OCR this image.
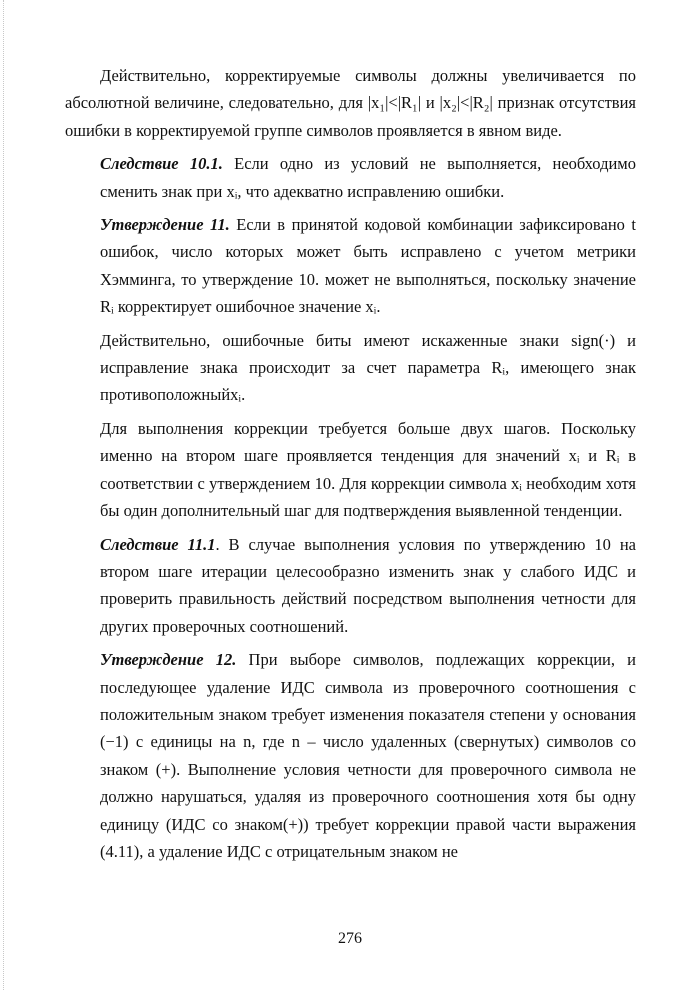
Действительно, корректируемые символы должны увеличивается по абсолютной величине, следовательно, для |x₁|<|R₁| и |x₂|<|R₂| признак отсутствия ошибки в корректируемой группе символов проявляется в явном виде.

Следствие 10.1. Если одно из условий не выполняется, необходимо сменить знак при xᵢ, что адекватно исправлению ошибки.

Утверждение 11. Если в принятой кодовой комбинации зафиксировано t ошибок, число которых может быть исправлено с учетом метрики Хэмминга, то утверждение 10. может не выполняться, поскольку значение Rᵢ корректирует ошибочное значение xᵢ.

Действительно, ошибочные биты имеют искаженные знаки sign(·) и исправление знака происходит за счет параметра Rᵢ, имеющего знак противоположныйxᵢ.

Для выполнения коррекции требуется больше двух шагов. Поскольку именно на втором шаге проявляется тенденция для значений xᵢ и Rᵢ в соответствии с утверждением 10. Для коррекции символа xᵢ необходим хотя бы один дополнительный шаг для подтверждения выявленной тенденции.

Следствие 11.1. В случае выполнения условия по утверждению 10 на втором шаге итерации целесообразно изменить знак у слабого ИДС и проверить правильность действий посредством выполнения четности для других проверочных соотношений.

Утверждение 12. При выборе символов, подлежащих коррекции, и последующее удаление ИДС символа из проверочного соотношения с положительным знаком требует изменения показателя степени у основания (−1) с единицы на n, где n – число удаленных (свернутых) символов со знаком (+). Выполнение условия четности для проверочного символа не должно нарушаться, удаляя из проверочного соотношения хотя бы одну единицу (ИДС со знаком(+)) требует коррекции правой части выражения (4.11), а удаление ИДС с отрицательным знаком не

276
